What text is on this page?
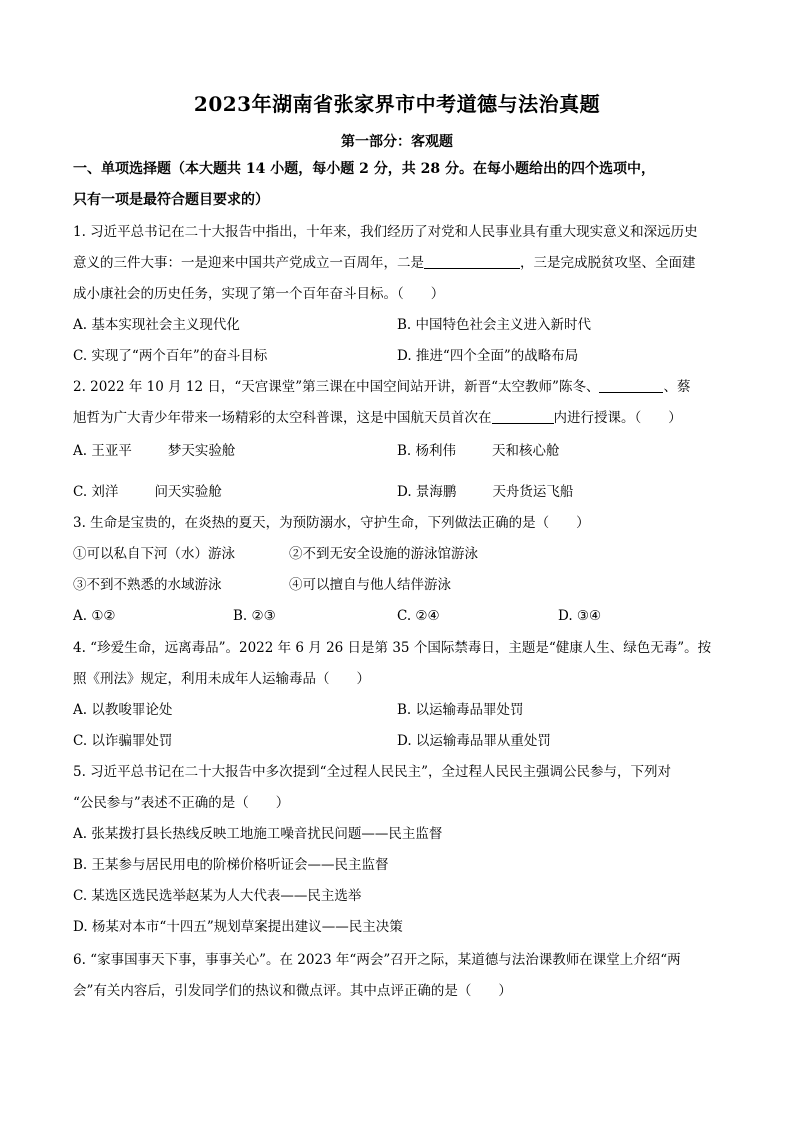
2023年湖南省张家界市中考道德与法治真题
第一部分：客观题
一、单项选择题（本大题共 14 小题，每小题 2 分，共 28 分。在每小题给出的四个选项中，
只有一项是最符合题目要求的）
1. 习近平总书记在二十大报告中指出，十年来，我们经历了对党和人民事业具有重大现实意义和深远历史
意义的三件大事：一是迎来中国共产党成立一百周年，二是	，三是完成脱贫攻坚、全面建
成小康社会的历史任务，实现了第一个百年奋斗目标。（　　）
A. 基本实现社会主义现代化	B. 中国特色社会主义进入新时代
C. 实现了“两个百年”的奋斗目标	D. 推进“四个全面”的战略布局
2. 2022 年 10 月 12 日，“天宫课堂”第三课在中国空间站开讲，新晋“太空教师”陈冬、	、蔡
旭哲为广大青少年带来一场精彩的太空科普课，这是中国航天员首次在	内进行授课。（　　）
A. 王亚平	梦天实验舱	B. 杨利伟	天和核心舱
C. 刘洋	问天实验舱	D. 景海鹏	天舟货运飞船
3. 生命是宝贵的，在炎热的夏天，为预防溺水，守护生命，下列做法正确的是（　　）
①可以私自下河（水）游泳	②不到无安全设施的游泳馆游泳
③不到不熟悉的水域游泳	④可以擅自与他人结伴游泳
A. ①②	B. ②③	C. ②④	D. ③④
4. “珍爱生命，远离毒品”。2022 年 6 月 26 日是第 35 个国际禁毒日，主题是“健康人生、绿色无毒”。按
照《刑法》规定，利用未成年人运输毒品（　　）
A. 以教唆罪论处	B. 以运输毒品罪处罚
C. 以诈骗罪处罚	D. 以运输毒品罪从重处罚
5. 习近平总书记在二十大报告中多次提到“全过程人民民主”，全过程人民民主强调公民参与，下列对
“公民参与”表述不正确的是（　　）
A. 张某拨打县长热线反映工地施工噪音扰民问题——民主监督
B. 王某参与居民用电的阶梯价格听证会——民主监督
C. 某选区选民选举赵某为人大代表——民主选举
D. 杨某对本市“十四五”规划草案提出建议——民主决策
6. “家事国事天下事，事事关心”。在 2023 年“两会”召开之际，某道德与法治课教师在课堂上介绍“两
会”有关内容后，引发同学们的热议和微点评。其中点评正确的是（　　）
